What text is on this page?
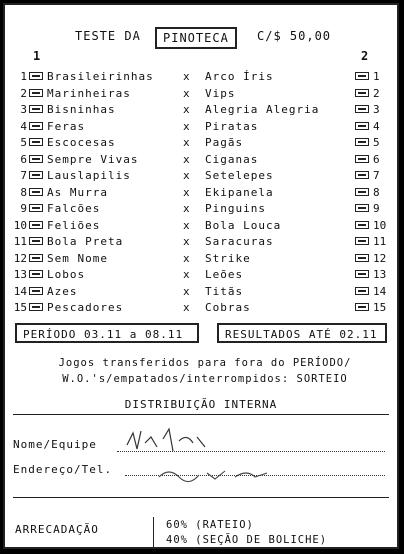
TESTE DA	PINOTECA	C/$ 50,00
1	2
1 Brasileirinhas	x Arco Íris	1
2 Marinheiras	x Vips	2
3 Bisninhas	x Alegria Alegria	3
4 Feras	x Piratas	4
5 Escocesas	x Pagãs	5
6 Sempre Vivas	x Ciganas	6
7 Lauslapilis	x Setelepes	7
8 As Murra	x Ekipanela	8
9 Falcões	x Pinguins	9
10 Feliões	x Bola Louca	10
11 Bola Preta	x Saracuras	11
12 Sem Nome	x Strike	12
13 Lobos	x Leões	13
14 Azes	x Titãs	14
15 Pescadores	x Cobras	15
PERÍODO 03.11 a 08.11	RESULTADOS ATÉ 02.11
Jogos transferidos para fora do PERÍODO/
W.O.'s/empatados/interrompidos: SORTEIO
DISTRIBUIÇÃO INTERNA
Nome/Equipe
Endereço/Tel.
ARRECADAÇÃO	60% (RATEIO)
40% (SEÇÃO DE BOLICHE)
